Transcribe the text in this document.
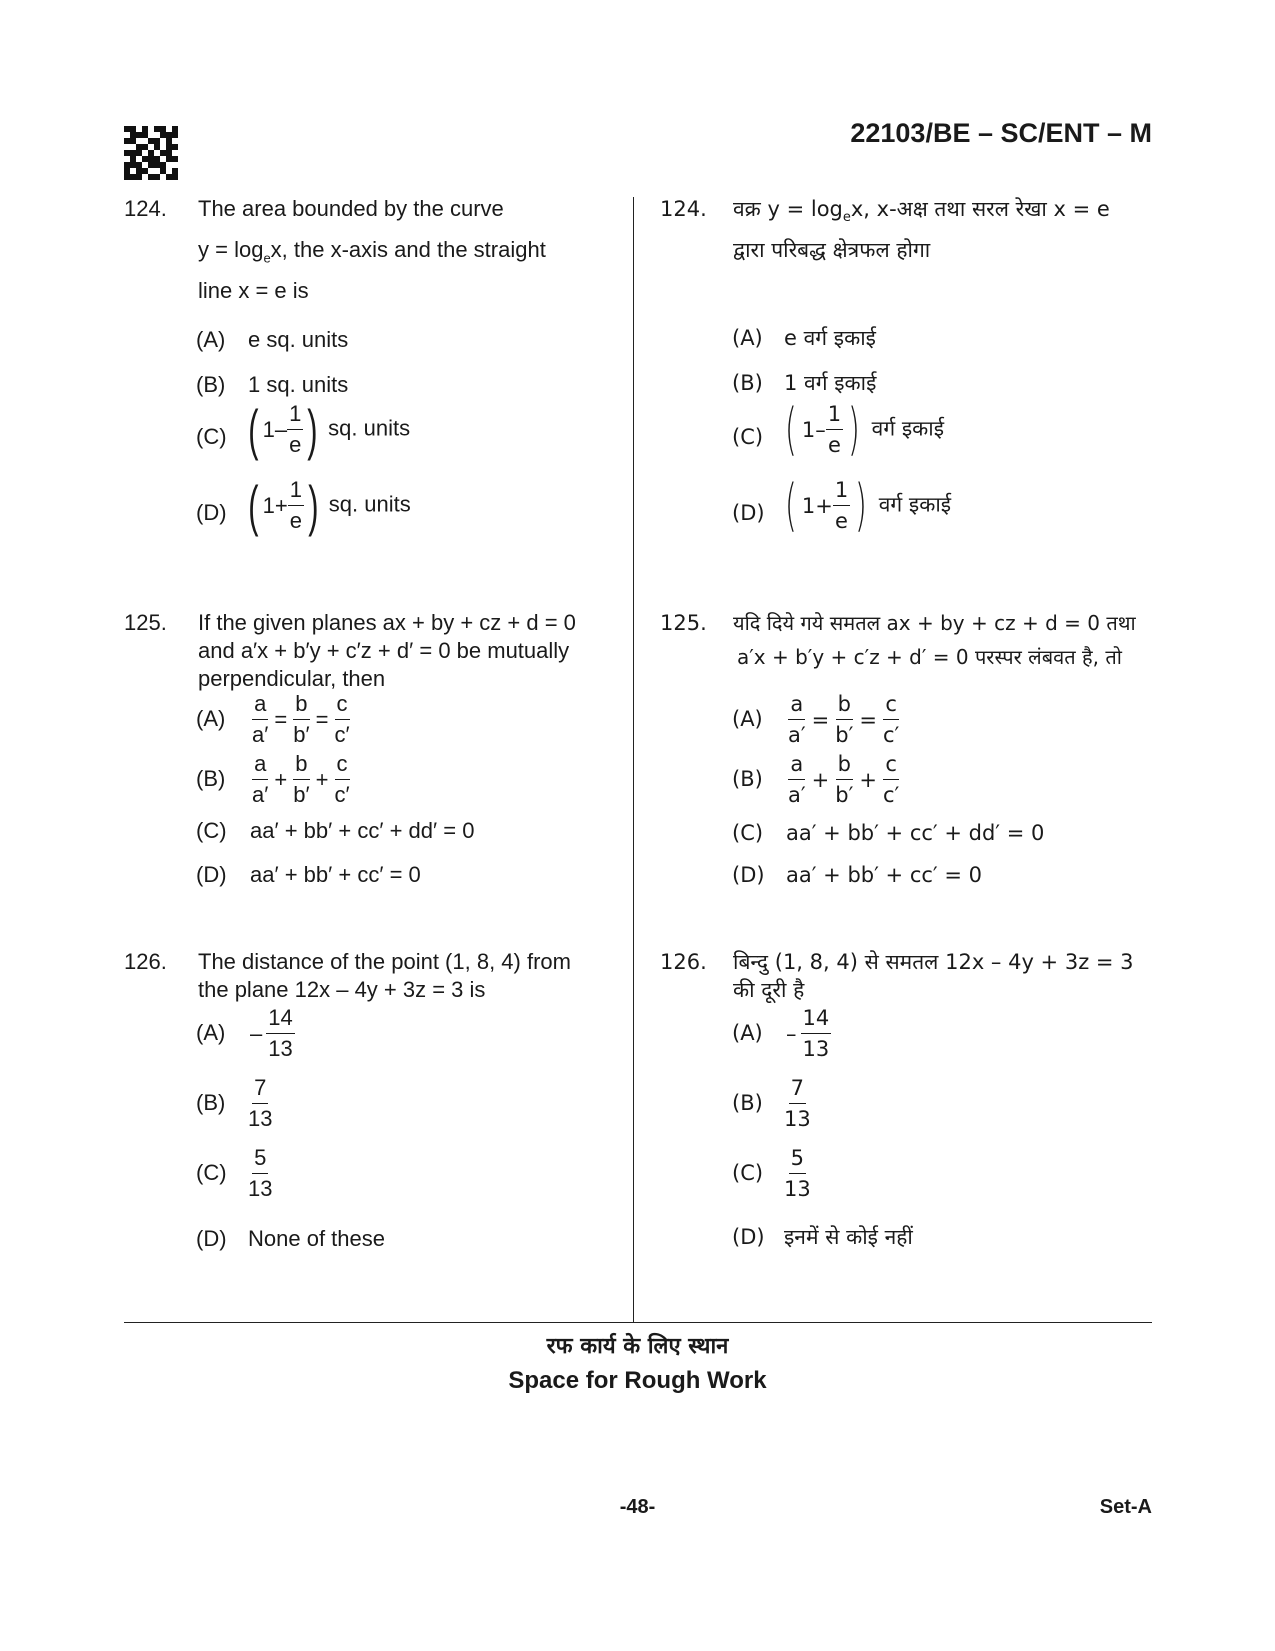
22103/BE – SC/ENT – M
124. The area bounded by the curve
$y = \log_ex$, the x-axis and the straight
line x = e is
(A) e sq. units
(B) 1 sq. units
(C) ( $1- \frac{1}{e}$ ) sq. units
(D) ( $1+ \frac{1}{e}$ ) sq. units
125. If the given planes ax + by + cz + d = 0
and a′x + b′y + c′z + d′ = 0 be mutually
perpendicular, then
$(A) \frac{a}{a'} = \frac{b}{b'} = \frac{c}{c'}$
$(B) \frac{a}{a'} + \frac{b}{b'} + \frac{c}{c'}$
(C) aa′ + bb′ + cc′ + dd′ = 0
(D) aa′ + bb′ + cc′ = 0
126. The distance of the point (1, 8, 4) from
the plane 12x – 4y + 3z = 3 is
$(A) - \frac{14}{13}$
$(B) \frac{7}{13}$
$(C) \frac{5}{13}$
(D) None of these
124. वक्र $y = \log_ex$, x-अक्ष तथा सरल रेखा x = e
द्वारा परिबद्ध क्षेत्रफल होगा
(A) e वर्ग इकाई
(B) 1 वर्ग इकाई
(C) ( $1- \frac{1}{e}$ ) वर्ग इकाई
(D) ( $1+ \frac{1}{e}$ ) वर्ग इकाई
125. यदि दिये गये समतल ax + by + cz + d = 0 तथा
a′x + b′y + c′z + d′ = 0 परस्पर लंबवत है, तो
$(A) \frac{a}{a'} = \frac{b}{b'} = \frac{c}{c'}$
$(B) \frac{a}{a'} + \frac{b}{b'} + \frac{c}{c'}$
(C) aa′ + bb′ + cc′ + dd′ = 0
(D) aa′ + bb′ + cc′ = 0
126. बिन्दु (1, 8, 4) से समतल 12x – 4y + 3z = 3
की दूरी है
$(A) - \frac{14}{13}$
$(B) \frac{7}{13}$
$(C) \frac{5}{13}$
(D) इनमें से कोई नहीं
रफ कार्य के लिए स्थान
Space for Rough Work
-48-	Set-A
